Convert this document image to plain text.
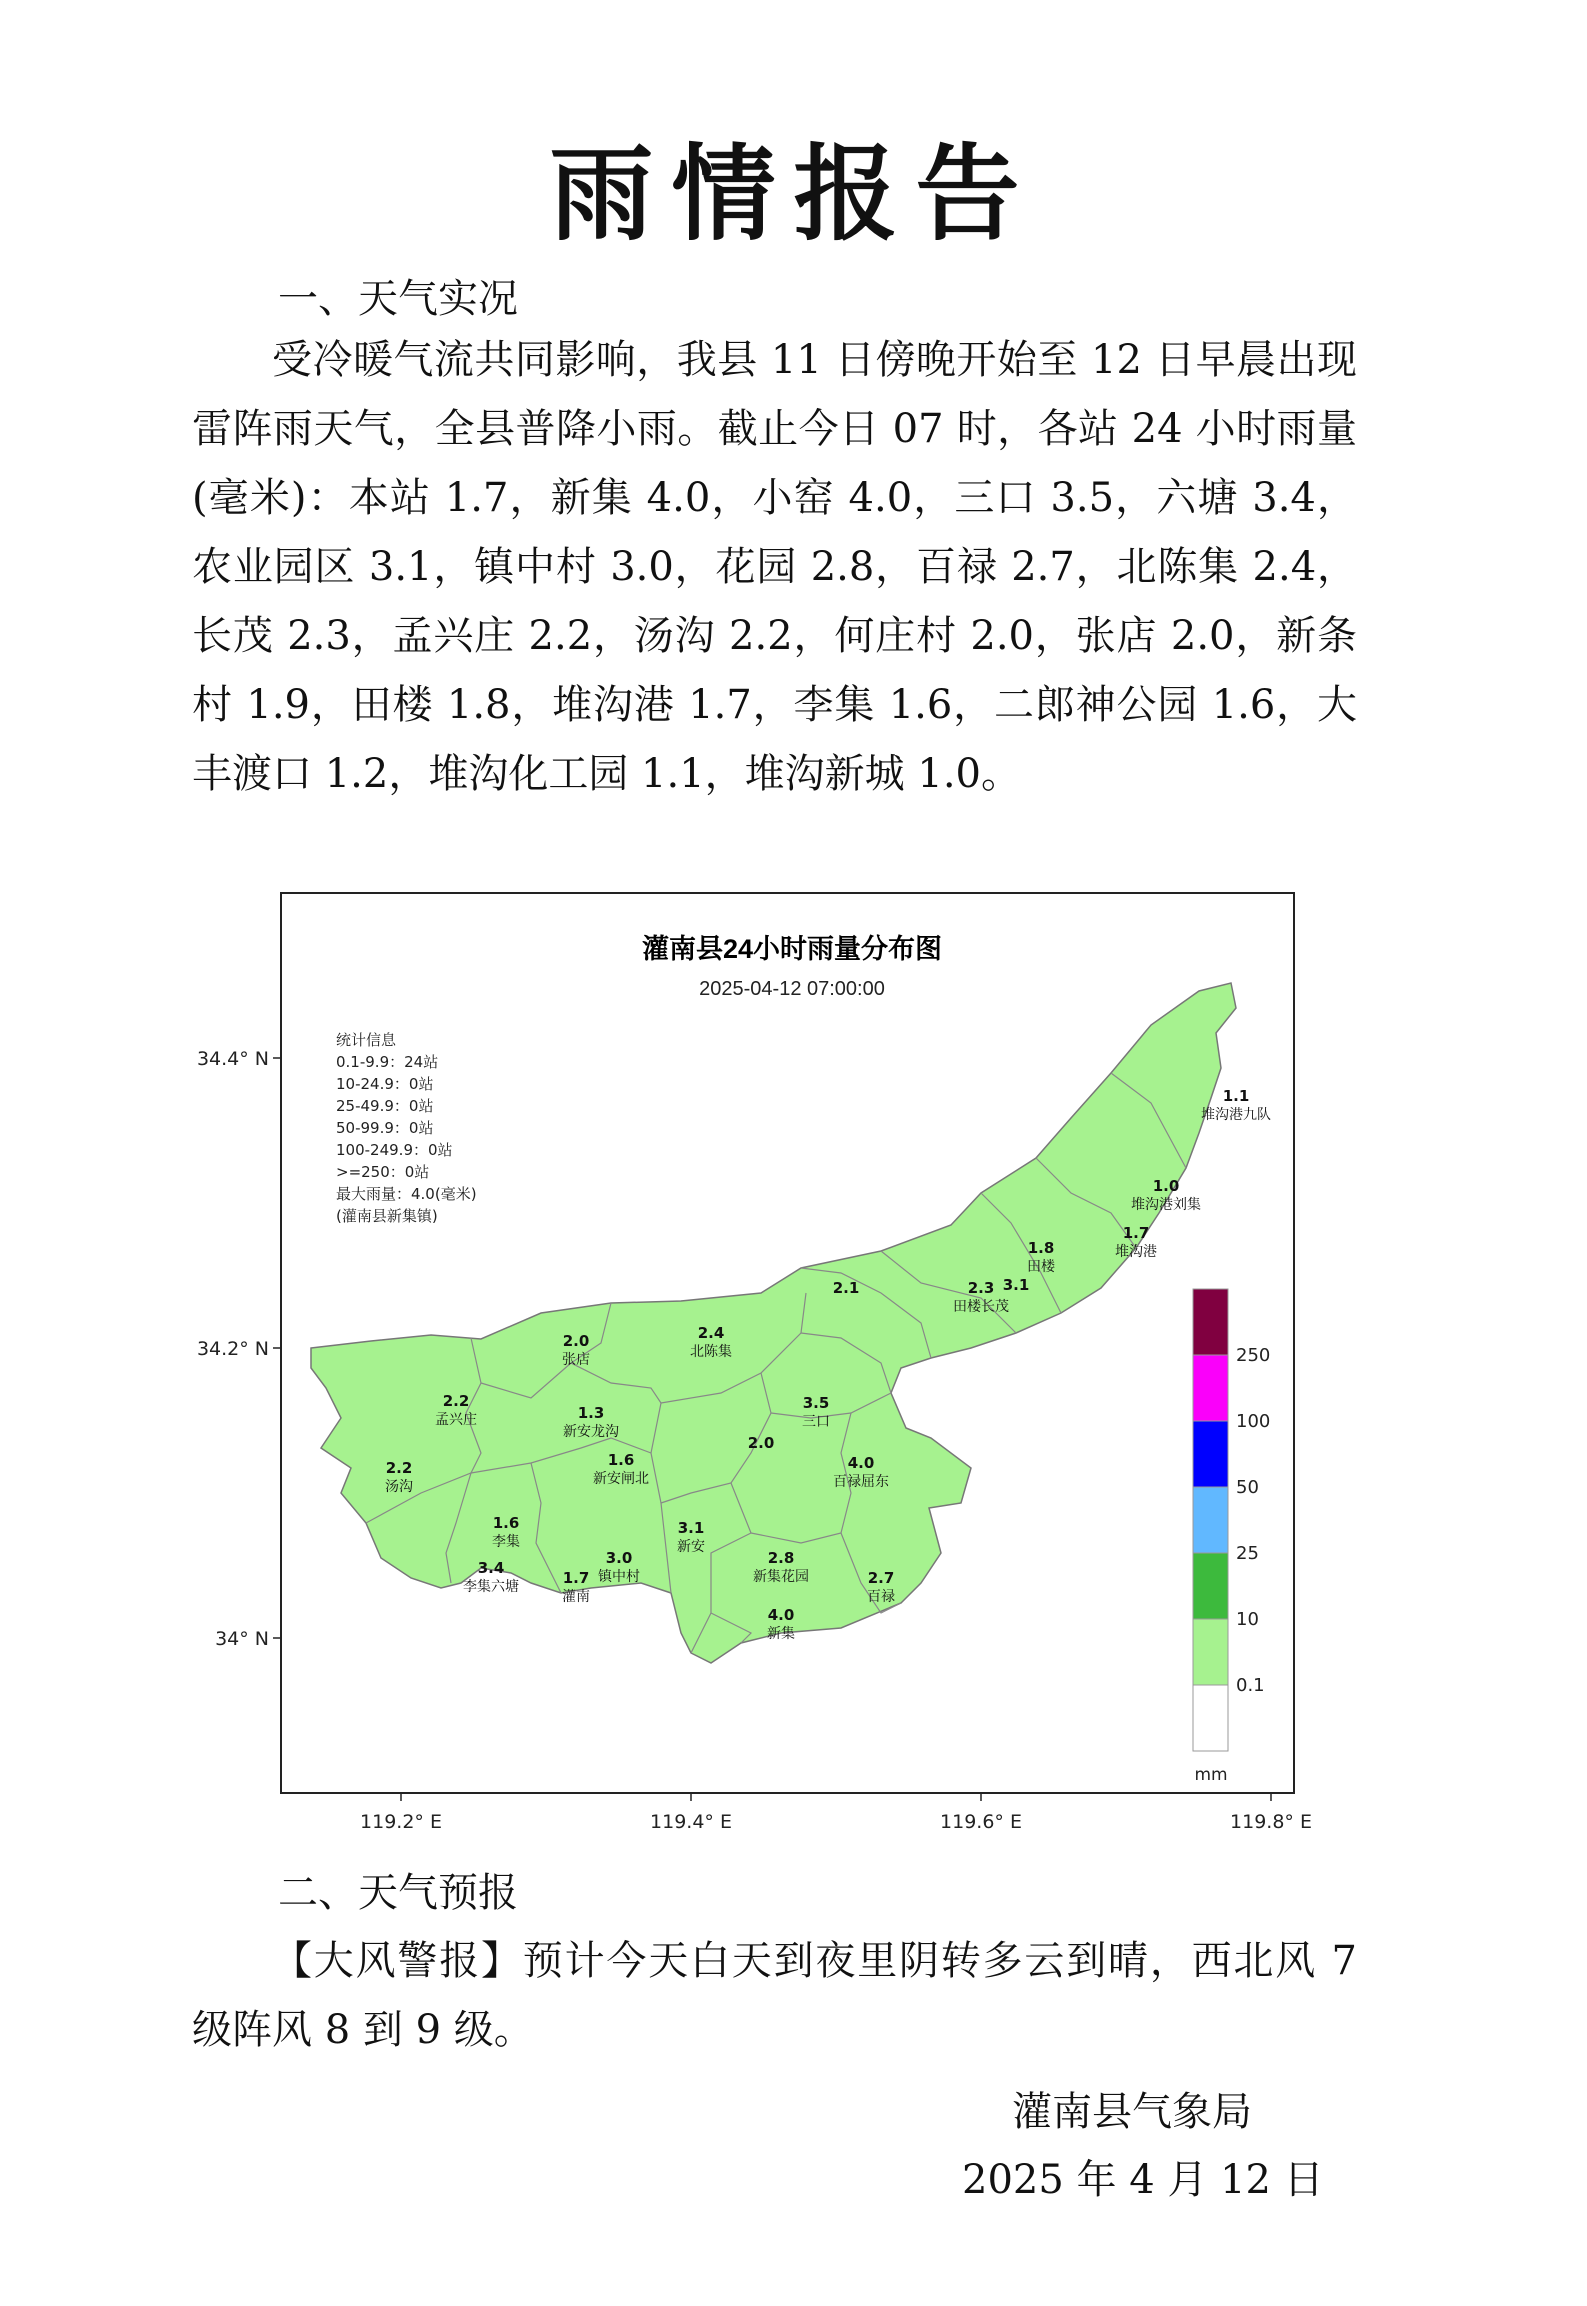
雨情报告
一、天气实况
受冷暖气流共同影响，我县 11 日傍晚开始至 12 日早晨出现雷阵雨天气，全县普降小雨。截止今日 07 时，各站 24 小时雨量(毫米)：本站 1.7，新集 4.0，小窑 4.0，三口 3.5，六塘 3.4，农业园区 3.1，镇中村 3.0，花园 2.8，百禄 2.7，北陈集 2.4，长茂 2.3，孟兴庄 2.2，汤沟 2.2，何庄村 2.0，张店 2.0，新条村 1.9，田楼 1.8，堆沟港 1.7，李集 1.6，二郎神公园 1.6，大丰渡口 1.2，堆沟化工园 1.1，堆沟新城 1.0。
灌南县24小时雨量分布图
2025-04-12 07:00:00
统计信息
0.1-9.9：24站
10-24.9：0站
25-49.9：0站
50-99.9：0站
100-249.9：0站
>=250：0站
最大雨量：4.0(毫米)
(灌南县新集镇)
1.1
堆沟港九队
1.0
堆沟港刘集
1.7
堆沟港
1.8
田楼
2.3
田楼长茂
3.1
2.1
2.4
北陈集
2.0
张店
2.2
孟兴庄	1.3
新安龙沟
1.6
新安闸北
2.2
汤沟
3.5
三口
2.0
4.0
百禄屈东
1.6
李集
3.4
李集六塘	1.7
灌南
3.0
镇中村
3.1
新安
2.8
新集花园	2.7
百禄
4.0
新集
34.4° N
34.2° N
34° N
119.2° E	119.4° E	119.6° E	119.8° E
0.1
10
25
50
100
250
mm
二、天气预报
【大风警报】预计今天白天到夜里阴转多云到晴，西北风 7 级阵风 8 到 9 级。
灌南县气象局
2025 年 4 月 12 日
